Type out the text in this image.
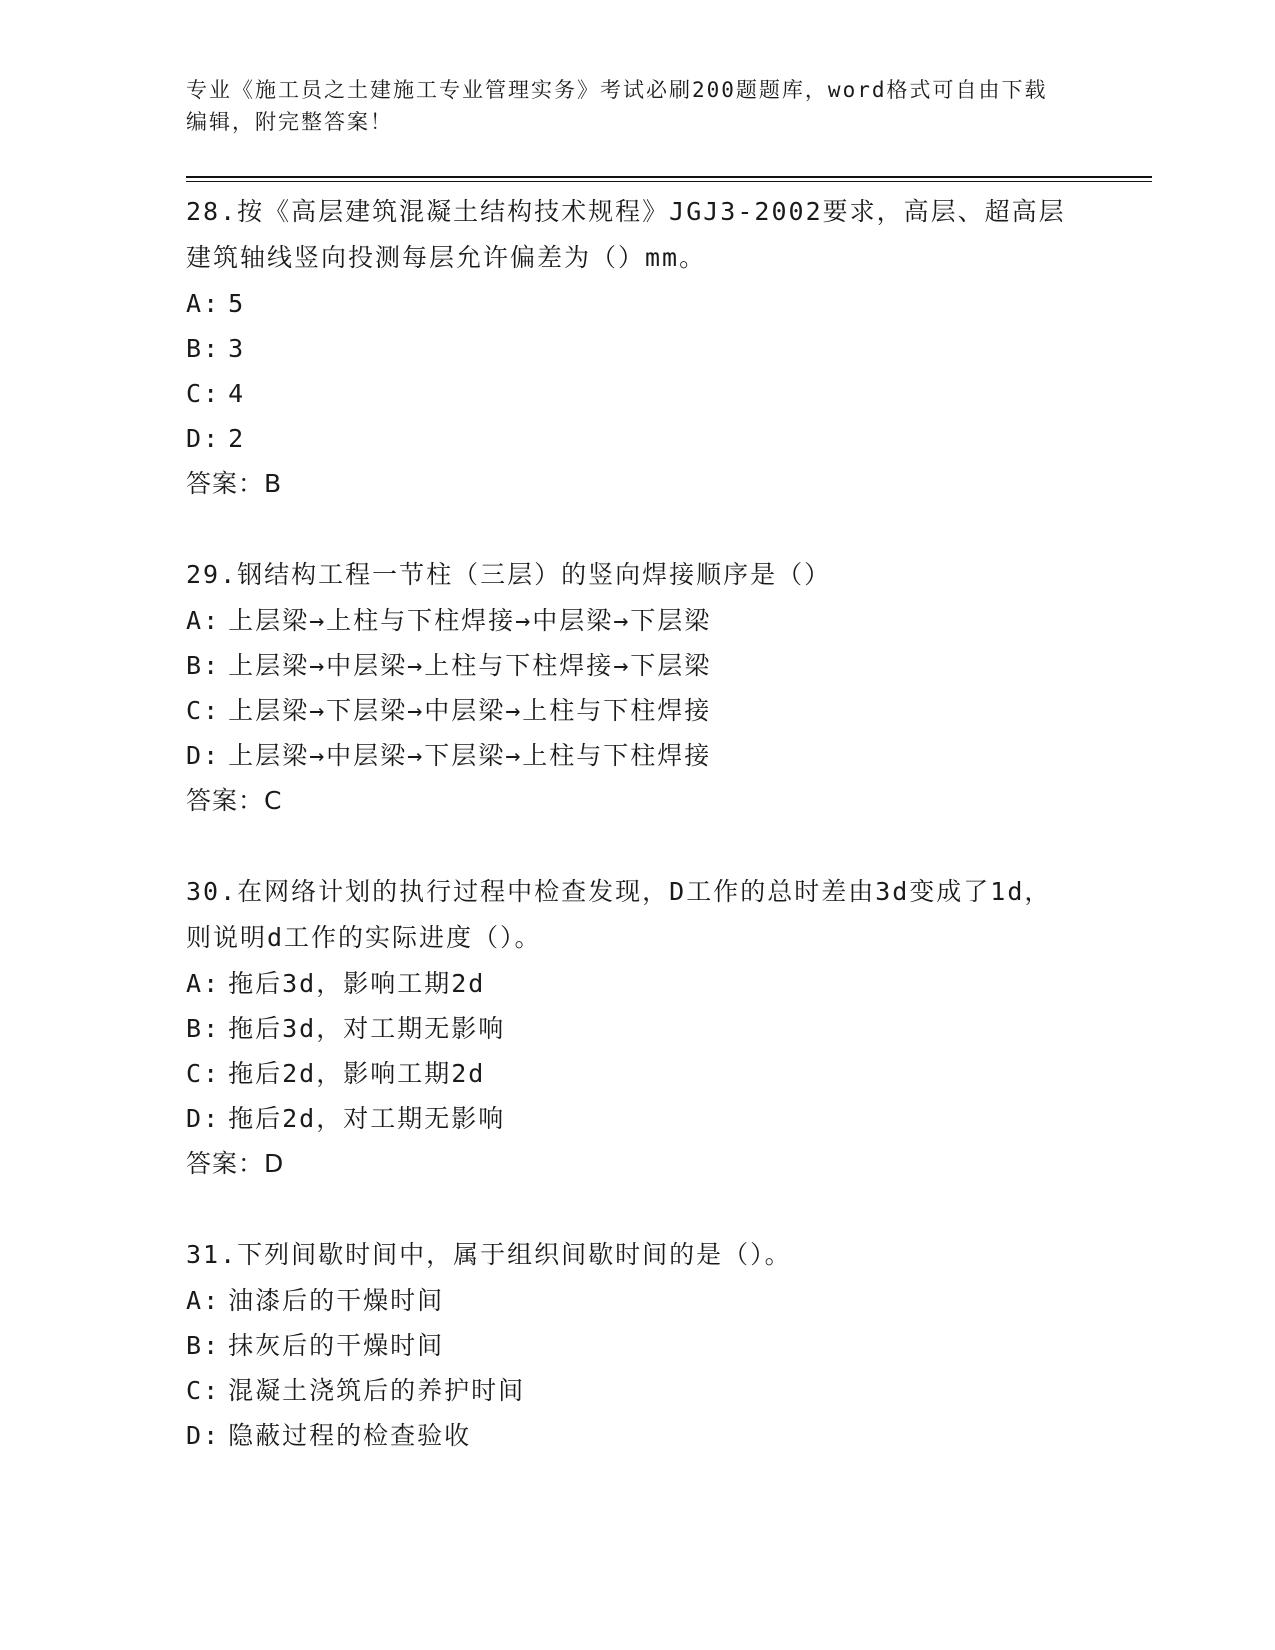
专业《施工员之土建施工专业管理实务》考试必刷200题题库，word格式可自由下载编辑，附完整答案！
28.按《高层建筑混凝土结构技术规程》JGJ3-2002要求，高层、超高层建筑轴线竖向投测每层允许偏差为（）mm。
A: 5
B: 3
C: 4
D: 2
答案：B
29.钢结构工程一节柱（三层）的竖向焊接顺序是（）
A: 上层梁→上柱与下柱焊接→中层梁→下层梁
B: 上层梁→中层梁→上柱与下柱焊接→下层梁
C: 上层梁→下层梁→中层梁→上柱与下柱焊接
D: 上层梁→中层梁→下层梁→上柱与下柱焊接
答案：C
30.在网络计划的执行过程中检查发现，D工作的总时差由3d变成了1d，则说明d工作的实际进度（）。
A: 拖后3d，影响工期2d
B: 拖后3d，对工期无影响
C: 拖后2d，影响工期2d
D: 拖后2d，对工期无影响
答案：D
31.下列间歇时间中，属于组织间歇时间的是（）。
A: 油漆后的干燥时间
B: 抹灰后的干燥时间
C: 混凝土浇筑后的养护时间
D: 隐蔽过程的检查验收
